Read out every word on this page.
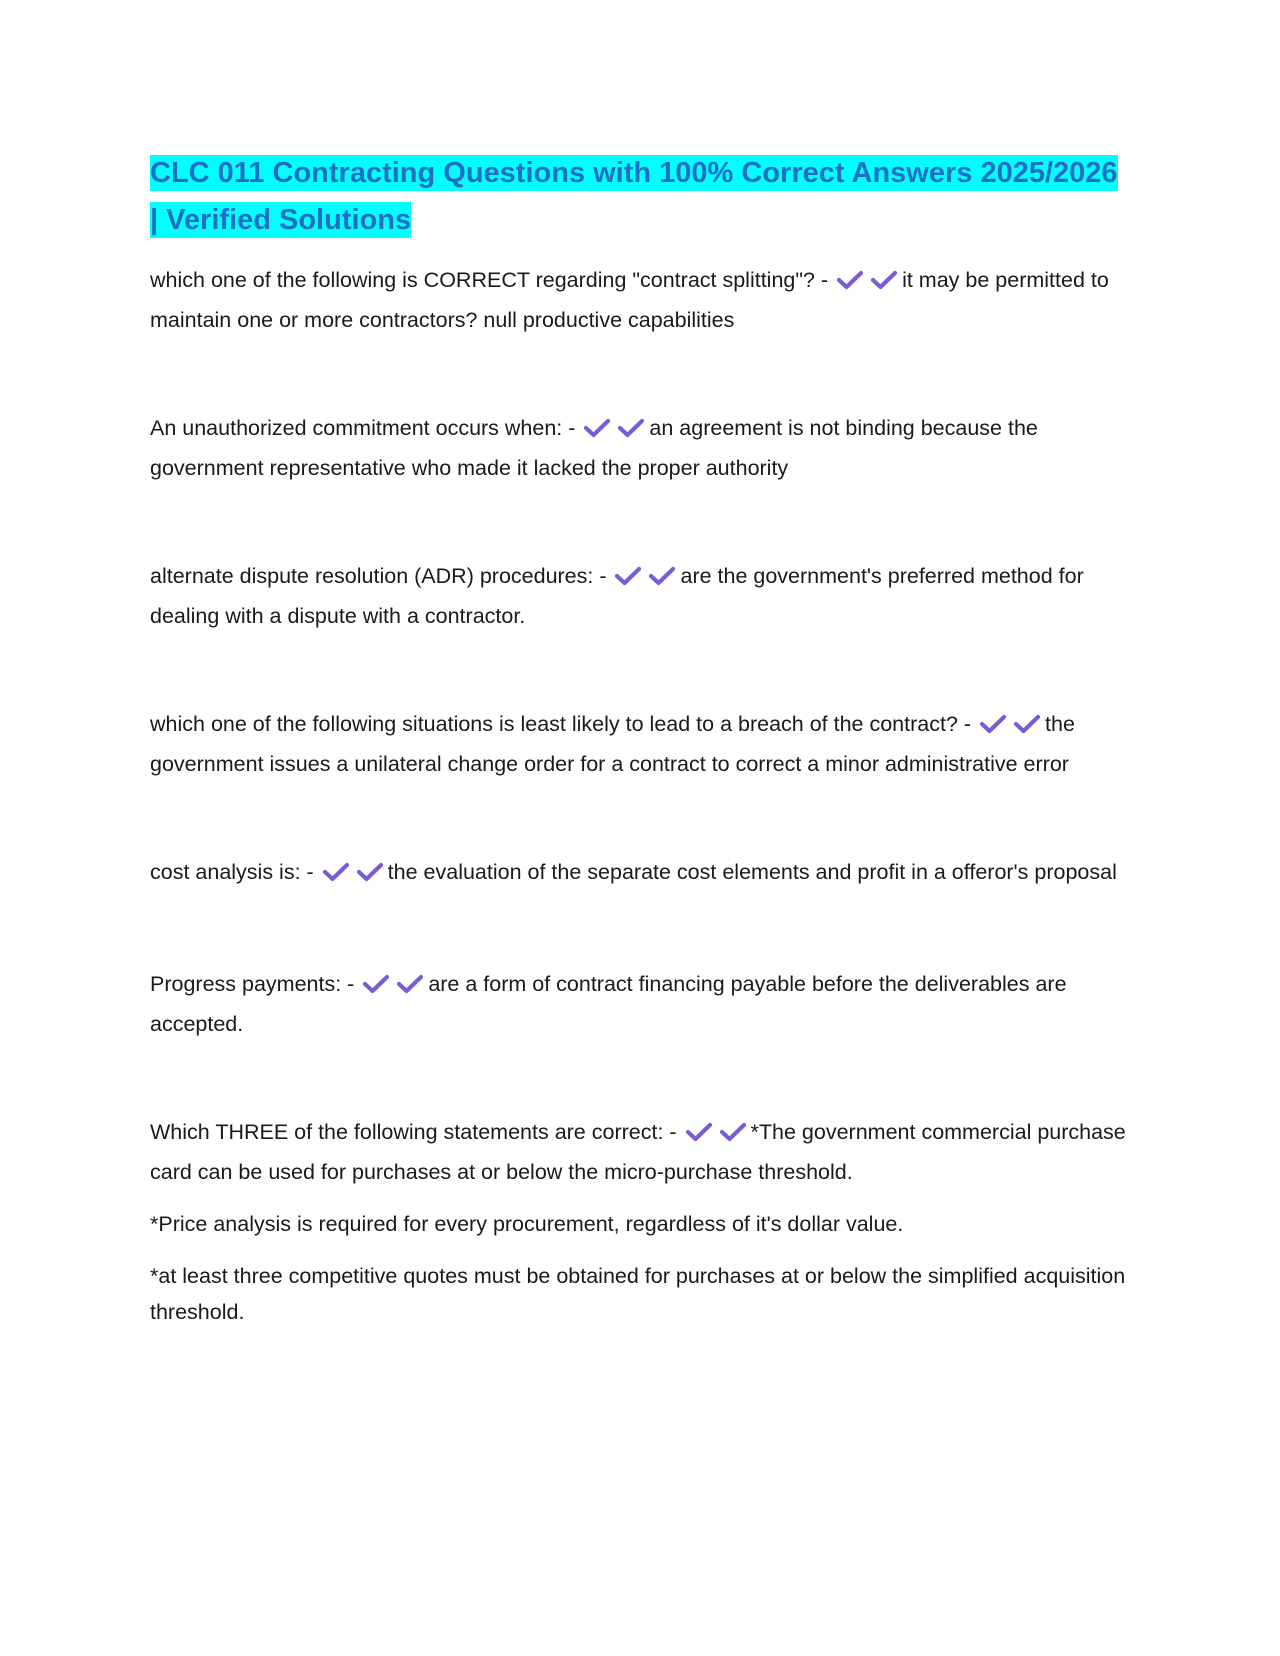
CLC 011 Contracting Questions with 100% Correct Answers 2025/2026 | Verified Solutions

which one of the following is CORRECT regarding "contract splitting"? -	it may be permitted to maintain one or more contractors? null productive capabilities

An unauthorized commitment occurs when: -	an agreement is not binding because the government representative who made it lacked the proper authority

alternate dispute resolution (ADR) procedures: -	are the government's preferred method for dealing with a dispute with a contractor.

which one of the following situations is least likely to lead to a breach of the contract? -	the government issues a unilateral change order for a contract to correct a minor administrative error

cost analysis is: -	the evaluation of the separate cost elements and profit in a offeror's proposal

Progress payments: -	are a form of contract financing payable before the deliverables are accepted.

Which THREE of the following statements are correct: -	*The government commercial purchase card can be used for purchases at or below the micro-purchase threshold.

*Price analysis is required for every procurement, regardless of it's dollar value.

*at least three competitive quotes must be obtained for purchases at or below the simplified acquisition threshold.
